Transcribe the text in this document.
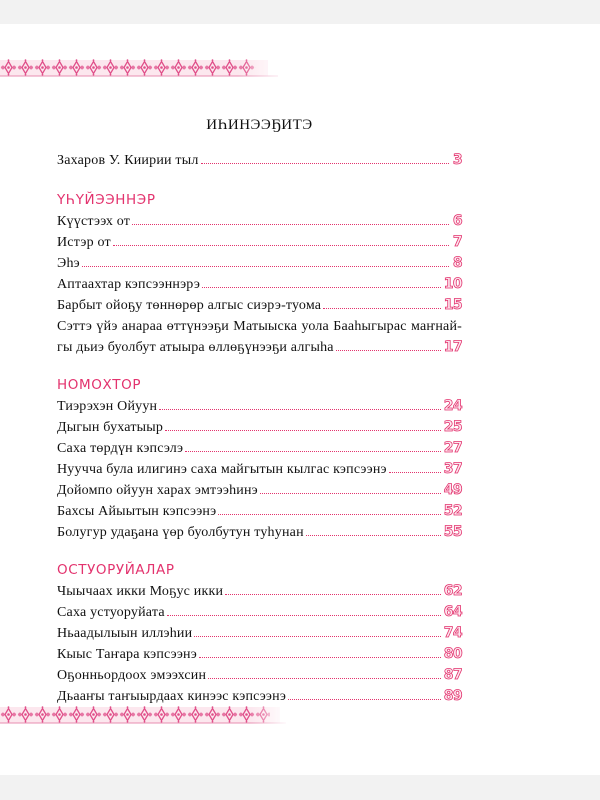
ИҺИНЭЭҔИТЭ
Захаров У. Киирии тыл	3
ҮҺҮЙЭЭННЭР
Күүстээх от	6
Истэр от	7
Эһэ	8
Аптаахтар кэпсээннэрэ	10
Барбыт ойоҕу төннөрөр алгыс сиэрэ-туома	15
Сэттэ үйэ анараа өттүнээҕи Матыыска уола Бааһыгырас маҥнай-
гы дьиэ буолбут атыыра өллөҕүнээҕи алгыһа	17
НОМОХТОР
Тиэрэхэн Ойуун	24
Дыгын бухатыыр	25
Саха төрдүн кэпсэлэ	27
Нуучча була илигинэ саха майгытын кылгас кэпсээнэ	37
Дойомпо ойуун харах эмтээһинэ	49
Бахсы Айыытын кэпсээнэ	52
Болугур удаҕана үөр буолбутун туһунан	55
ОСТУОРУЙАЛАР
Чыычаах икки Моҕус икки	62
Саха устуоруйата	64
Ньаадылыын иллэһии	74
Кыыс Таҥара кэпсээнэ	80
Оҕонньордоох эмээхсин	87
Дьааҥы таҥыырдаах кинээс кэпсээнэ	89
